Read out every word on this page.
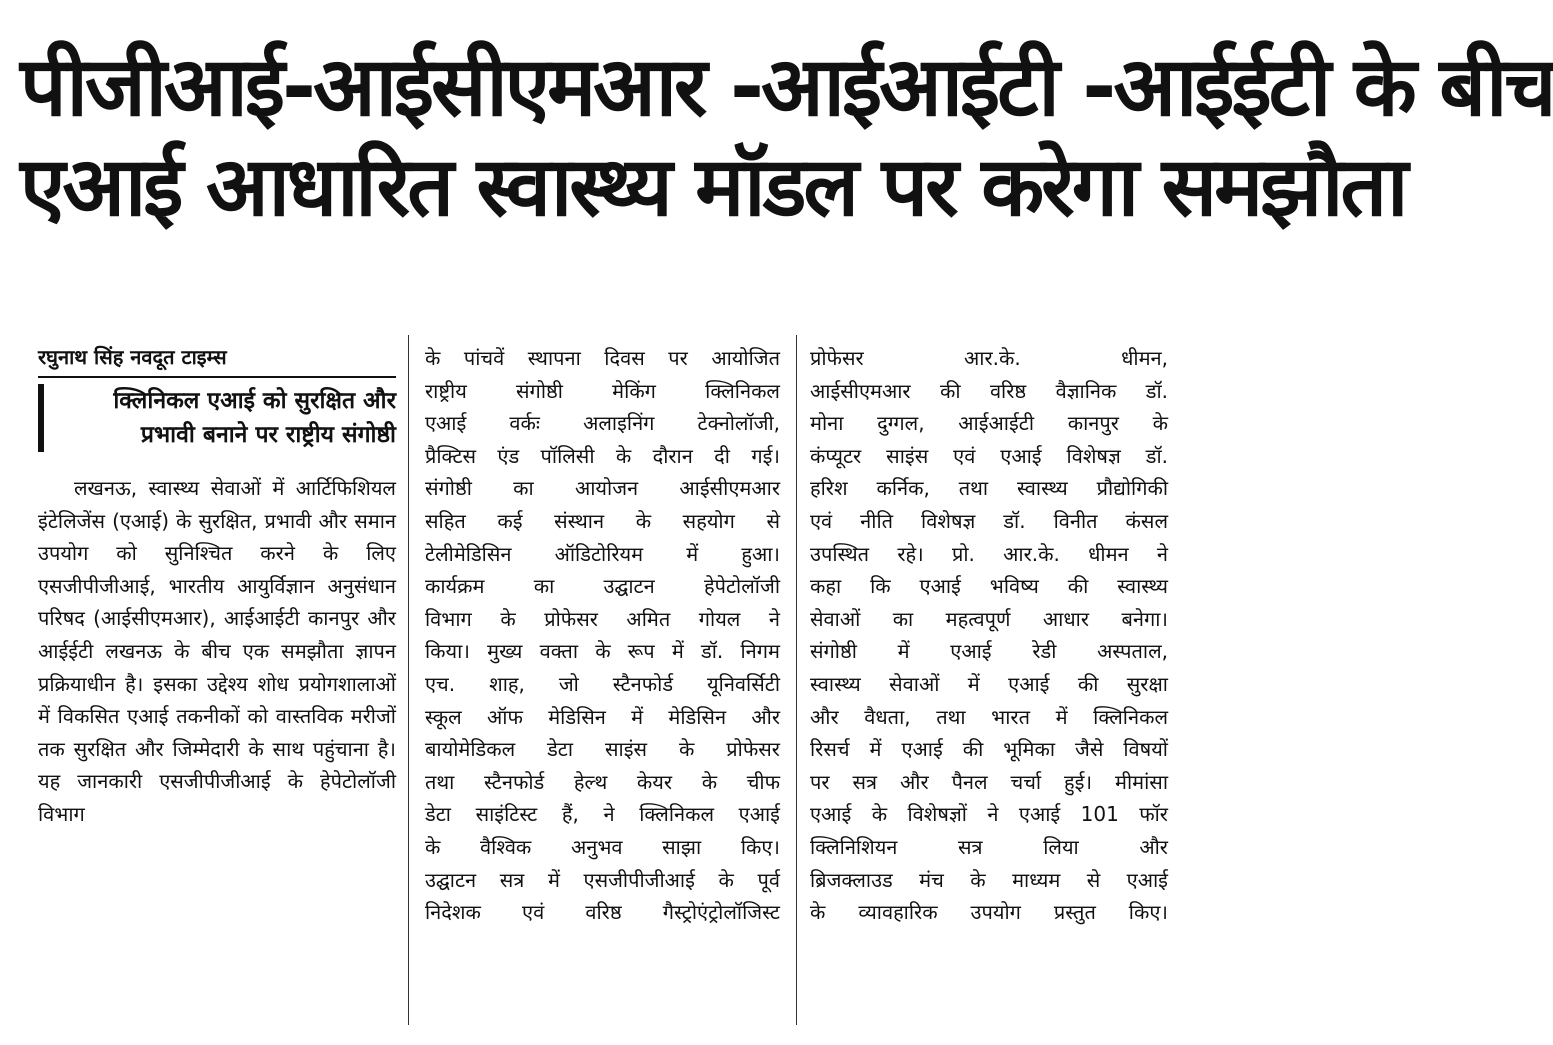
पीजीआई-आईसीएमआर -आईआईटी -आईईटी के बीच
एआई आधारित स्वास्थ्य मॉडल पर करेगा समझौता
रघुनाथ सिंह नवदूत टाइम्स
क्लिनिकल एआई को सुरक्षित और
प्रभावी बनाने पर राष्ट्रीय संगोष्ठी

लखनऊ, स्वास्थ्य सेवाओं में आर्टिफिशियल इंटेलिजेंस (एआई) के सुरक्षित, प्रभावी और समान उपयोग को सुनिश्चित करने के लिए एसजीपीजीआई, भारतीय आयुर्विज्ञान अनुसंधान परिषद (आईसीएमआर), आईआईटी कानपुर और आईईटी लखनऊ के बीच एक समझौता ज्ञापन प्रक्रियाधीन है। इसका उद्देश्य शोध प्रयोगशालाओं में विकसित एआई तकनीकों को वास्तविक मरीजों तक सुरक्षित और जिम्मेदारी के साथ पहुंचाना है। यह जानकारी एसजीपीजीआई के हेपेटोलॉजी विभाग

के पांचवें स्थापना दिवस पर आयोजित
राष्ट्रीय संगोष्ठी मेकिंग क्लिनिकल
एआई वर्कः अलाइनिंग टेक्नोलॉजी,
प्रैक्टिस एंड पॉलिसी के दौरान दी गई।
संगोष्ठी का आयोजन आईसीएमआर
सहित कई संस्थान के सहयोग से
टेलीमेडिसिन ऑडिटोरियम में हुआ।
कार्यक्रम का उद्घाटन हेपेटोलॉजी
विभाग के प्रोफेसर अमित गोयल ने
किया। मुख्य वक्ता के रूप में डॉ. निगम
एच. शाह, जो स्टैनफोर्ड यूनिवर्सिटी
स्कूल ऑफ मेडिसिन में मेडिसिन और
बायोमेडिकल डेटा साइंस के प्रोफेसर
तथा स्टैनफोर्ड हेल्थ केयर के चीफ
डेटा साइंटिस्ट हैं, ने क्लिनिकल एआई
के वैश्विक अनुभव साझा किए।
उद्घाटन सत्र में एसजीपीजीआई के पूर्व
निदेशक एवं वरिष्ठ गैस्ट्रोएंट्रोलॉजिस्ट
प्रोफेसर आर.के. धीमन,
आईसीएमआर की वरिष्ठ वैज्ञानिक डॉ.
मोना दुग्गल, आईआईटी कानपुर के
कंप्यूटर साइंस एवं एआई विशेषज्ञ डॉ.
हरिश कर्निक, तथा स्वास्थ्य प्रौद्योगिकी
एवं नीति विशेषज्ञ डॉ. विनीत कंसल
उपस्थित रहे। प्रो. आर.के. धीमन ने
कहा कि एआई भविष्य की स्वास्थ्य
सेवाओं का महत्वपूर्ण आधार बनेगा।
संगोष्ठी में एआई रेडी अस्पताल,
स्वास्थ्य सेवाओं में एआई की सुरक्षा
और वैधता, तथा भारत में क्लिनिकल
रिसर्च में एआई की भूमिका जैसे विषयों
पर सत्र और पैनल चर्चा हुई। मीमांसा
एआई के विशेषज्ञों ने एआई 101 फॉर
क्लिनिशियन सत्र लिया और
ब्रिजक्लाउड मंच के माध्यम से एआई
के व्यावहारिक उपयोग प्रस्तुत किए।
